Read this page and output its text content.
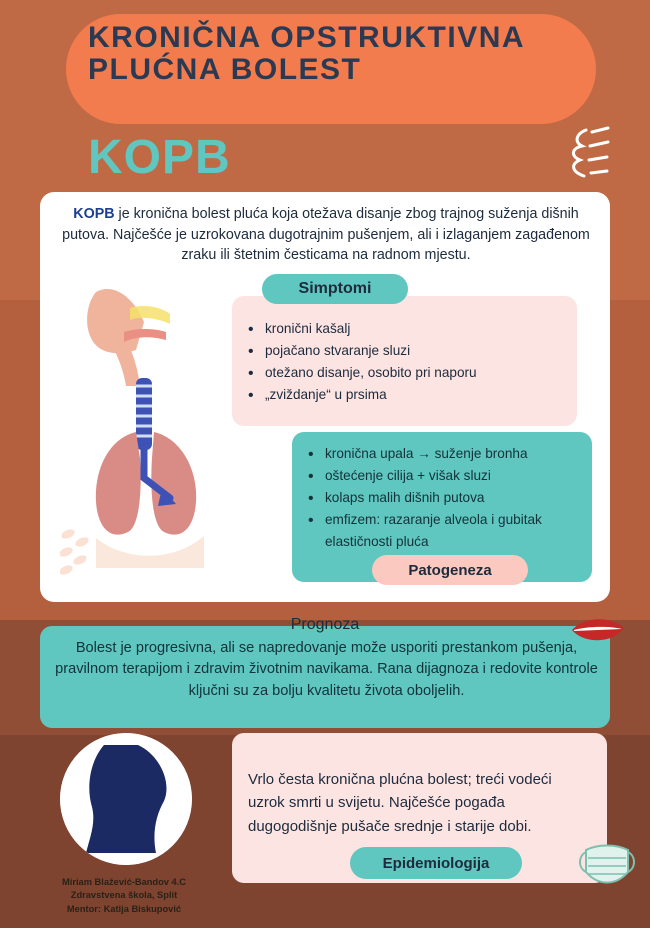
KRONIČNA OPSTRUKTIVNA PLUĆNA BOLEST
KOPB
KOPB je kronična bolest pluća koja otežava disanje zbog trajnog suženja dišnih putova. Najčešće je uzrokovana dugotrajnim pušenjem, ali i izlaganjem zagađenom zraku ili štetnim česticama na radnom mjestu.
Simptomi
• kronični kašalj
• pojačano stvaranje sluzi
• otežano disanje, osobito pri naporu
• „zviždanje“ u prsima
• kronična upala → suženje bronha
• oštećenje cilija + višak sluzi
• kolaps malih dišnih putova
• emfizem: razaranje alveola i gubitak elastičnosti pluća
Patogeneza
Prognoza
Bolest je progresivna, ali se napredovanje može usporiti prestankom pušenja, pravilnom terapijom i zdravim životnim navikama. Rana dijagnoza i redovite kontrole ključni su za bolju kvalitetu života oboljelih.
Vrlo česta kronična plućna bolest; treći vodeći uzrok smrti u svijetu. Najčešće pogađa dugogodišnje pušače srednje i starije dobi.
Epidemiologija
Miriam Blažević-Bandov 4.C
Zdravstvena škola, Split
Mentor: Katija Biskupović
